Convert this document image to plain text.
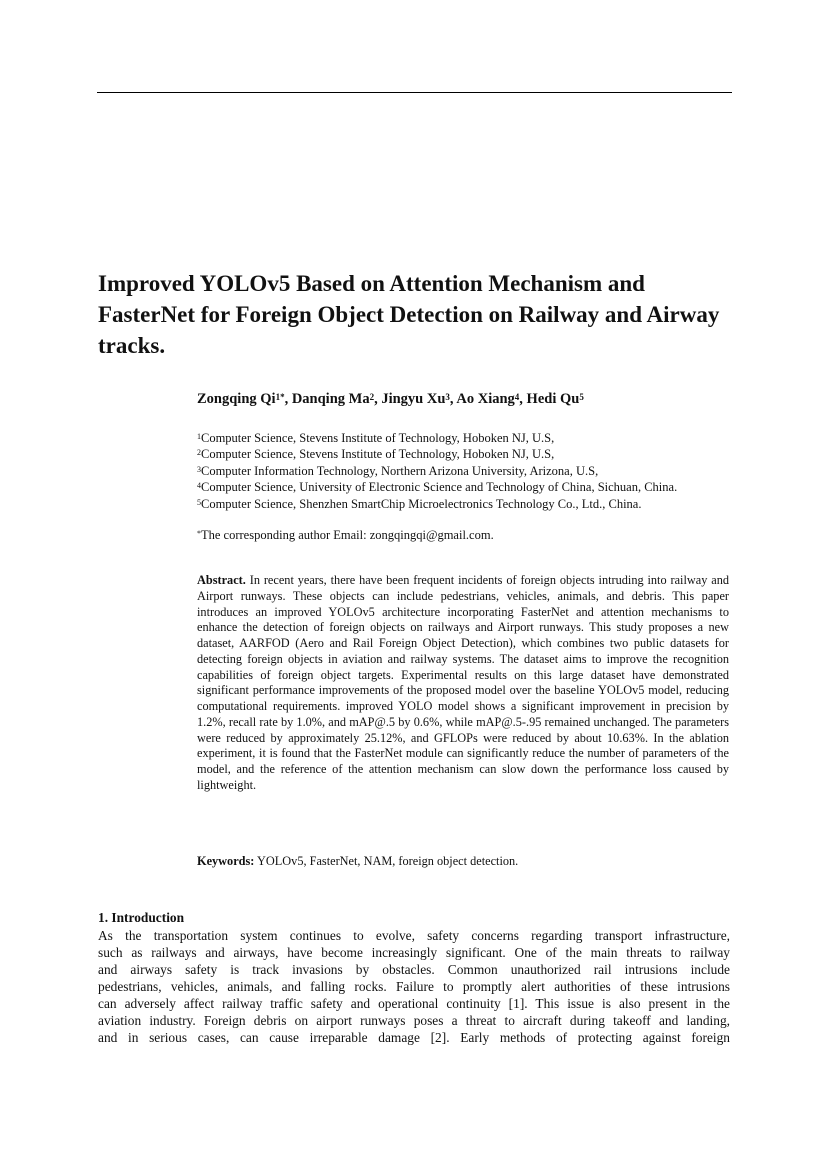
Improved YOLOv5 Based on Attention Mechanism and FasterNet for Foreign Object Detection on Railway and Airway tracks.

Zongqing $Qi^{1*}$, Danqing Ma$^2$, Jingyu Xu$^3$, Ao Xiang$^4$, Hedi Qu$^5$

$^1$Computer Science, Stevens Institute of Technology, Hoboken NJ, U.S,
$^2$Computer Science, Stevens Institute of Technology, Hoboken NJ, U.S,
$^3$Computer Information Technology, Northern Arizona University, Arizona, U.S,
$^4$Computer Science, University of Electronic Science and Technology of China, Sichuan, China.
$^5$Computer Science, Shenzhen SmartChip Microelectronics Technology Co., Ltd., China.

*The corresponding author Email: zongqingqi@gmail.com.

Abstract. In recent years, there have been frequent incidents of foreign objects intruding into railway and Airport runways. These objects can include pedestrians, vehicles, animals, and debris. This paper introduces an improved YOLOv5 architecture incorporating FasterNet and attention mechanisms to enhance the detection of foreign objects on railways and Airport runways. This study proposes a new dataset, AARFOD (Aero and Rail Foreign Object Detection), which combines two public datasets for detecting foreign objects in aviation and railway systems. The dataset aims to improve the recognition capabilities of foreign object targets. Experimental results on this large dataset have demonstrated significant performance improvements of the proposed model over the baseline YOLOv5 model, reducing computational requirements. improved YOLO model shows a significant improvement in precision by 1.2%, recall rate by 1.0%, and mAP@.5 by 0.6%, while mAP@.5-.95 remained unchanged. The parameters were reduced by approximately 25.12%, and GFLOPs were reduced by about 10.63%. In the ablation experiment, it is found that the FasterNet module can significantly reduce the number of parameters of the model, and the reference of the attention mechanism can slow down the performance loss caused by lightweight.

Keywords: YOLOv5, FasterNet, NAM, foreign object detection.

1. Introduction
As the transportation system continues to evolve, safety concerns regarding transport infrastructure,
such as railways and airways, have become increasingly significant. One of the main threats to railway
and airways safety is track invasions by obstacles. Common unauthorized rail intrusions include
pedestrians, vehicles, animals, and falling rocks. Failure to promptly alert authorities of these intrusions
can adversely affect railway traffic safety and operational continuity [1]. This issue is also present in the
aviation industry. Foreign debris on airport runways poses a threat to aircraft during takeoff and landing,
and in serious cases, can cause irreparable damage [2]. Early methods of protecting against foreign
